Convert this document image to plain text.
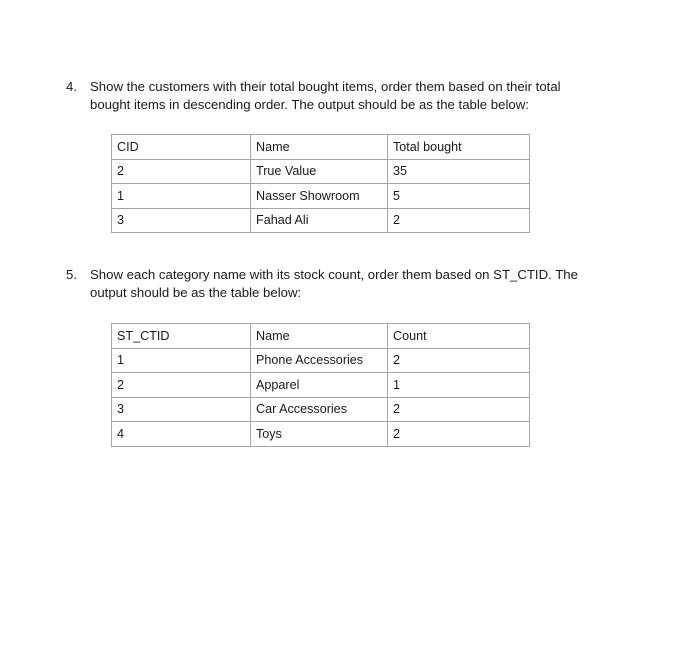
4. Show the customers with their total bought items, order them based on their total
bought items in descending order. The output should be as the table below:
CID	Name	Total bought
2	True Value	35
1	Nasser Showroom	5
3	Fahad Ali	2
5. Show each category name with its stock count, order them based on ST_CTID. The
output should be as the table below:
ST_CTID	Name	Count
1	Phone Accessories	2
2	Apparel	1
3	Car Accessories	2
4	Toys	2
